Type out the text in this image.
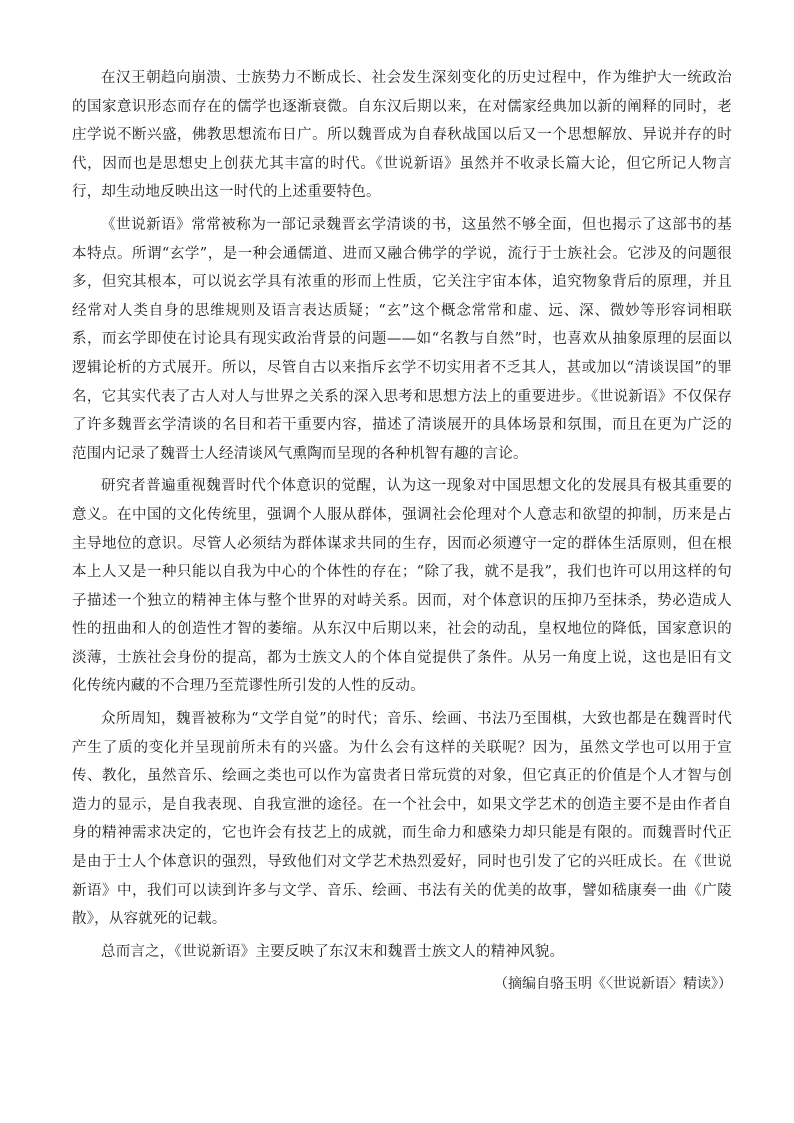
在汉王朝趋向崩溃、士族势力不断成长、社会发生深刻变化的历史过程中，作为维护大一统政治的国家意识形态而存在的儒学也逐渐衰微。自东汉后期以来，在对儒家经典加以新的阐释的同时，老庄学说不断兴盛，佛教思想流布日广。所以魏晋成为自春秋战国以后又一个思想解放、异说并存的时代，因而也是思想史上创获尤其丰富的时代。《世说新语》虽然并不收录长篇大论，但它所记人物言行，却生动地反映出这一时代的上述重要特色。

《世说新语》常常被称为一部记录魏晋玄学清谈的书，这虽然不够全面，但也揭示了这部书的基本特点。所谓“玄学”，是一种会通儒道、进而又融合佛学的学说，流行于士族社会。它涉及的问题很多，但究其根本，可以说玄学具有浓重的形而上性质，它关注宇宙本体，追究物象背后的原理，并且经常对人类自身的思维规则及语言表达质疑；“玄”这个概念常常和虚、远、深、微妙等形容词相联系，而玄学即使在讨论具有现实政治背景的问题——如“名教与自然”时，也喜欢从抽象原理的层面以逻辑论析的方式展开。所以，尽管自古以来指斥玄学不切实用者不乏其人，甚或加以“清谈误国”的罪名，它其实代表了古人对人与世界之关系的深入思考和思想方法上的重要进步。《世说新语》不仅保存了许多魏晋玄学清谈的名目和若干重要内容，描述了清谈展开的具体场景和氛围，而且在更为广泛的范围内记录了魏晋士人经清谈风气熏陶而呈现的各种机智有趣的言论。

研究者普遍重视魏晋时代个体意识的觉醒，认为这一现象对中国思想文化的发展具有极其重要的意义。在中国的文化传统里，强调个人服从群体，强调社会伦理对个人意志和欲望的抑制，历来是占主导地位的意识。尽管人必须结为群体谋求共同的生存，因而必须遵守一定的群体生活原则，但在根本上人又是一种只能以自我为中心的个体性的存在；“除了我，就不是我”，我们也许可以用这样的句子描述一个独立的精神主体与整个世界的对峙关系。因而，对个体意识的压抑乃至抹杀，势必造成人性的扭曲和人的创造性才智的萎缩。从东汉中后期以来，社会的动乱，皇权地位的降低，国家意识的淡薄，士族社会身份的提高，都为士族文人的个体自觉提供了条件。从另一角度上说，这也是旧有文化传统内藏的不合理乃至荒谬性所引发的人性的反动。

众所周知，魏晋被称为“文学自觉”的时代；音乐、绘画、书法乃至围棋，大致也都是在魏晋时代产生了质的变化并呈现前所未有的兴盛。为什么会有这样的关联呢？因为，虽然文学也可以用于宣传、教化，虽然音乐、绘画之类也可以作为富贵者日常玩赏的对象，但它真正的价值是个人才智与创造力的显示，是自我表现、自我宣泄的途径。在一个社会中，如果文学艺术的创造主要不是由作者自身的精神需求决定的，它也许会有技艺上的成就，而生命力和感染力却只能是有限的。而魏晋时代正是由于士人个体意识的强烈，导致他们对文学艺术热烈爱好，同时也引发了它的兴旺成长。在《世说新语》中，我们可以读到许多与文学、音乐、绘画、书法有关的优美的故事，譬如嵇康奏一曲《广陵散》，从容就死的记载。

总而言之，《世说新语》主要反映了东汉末和魏晋士族文人的精神风貌。

（摘编自骆玉明《〈世说新语〉精读》）
